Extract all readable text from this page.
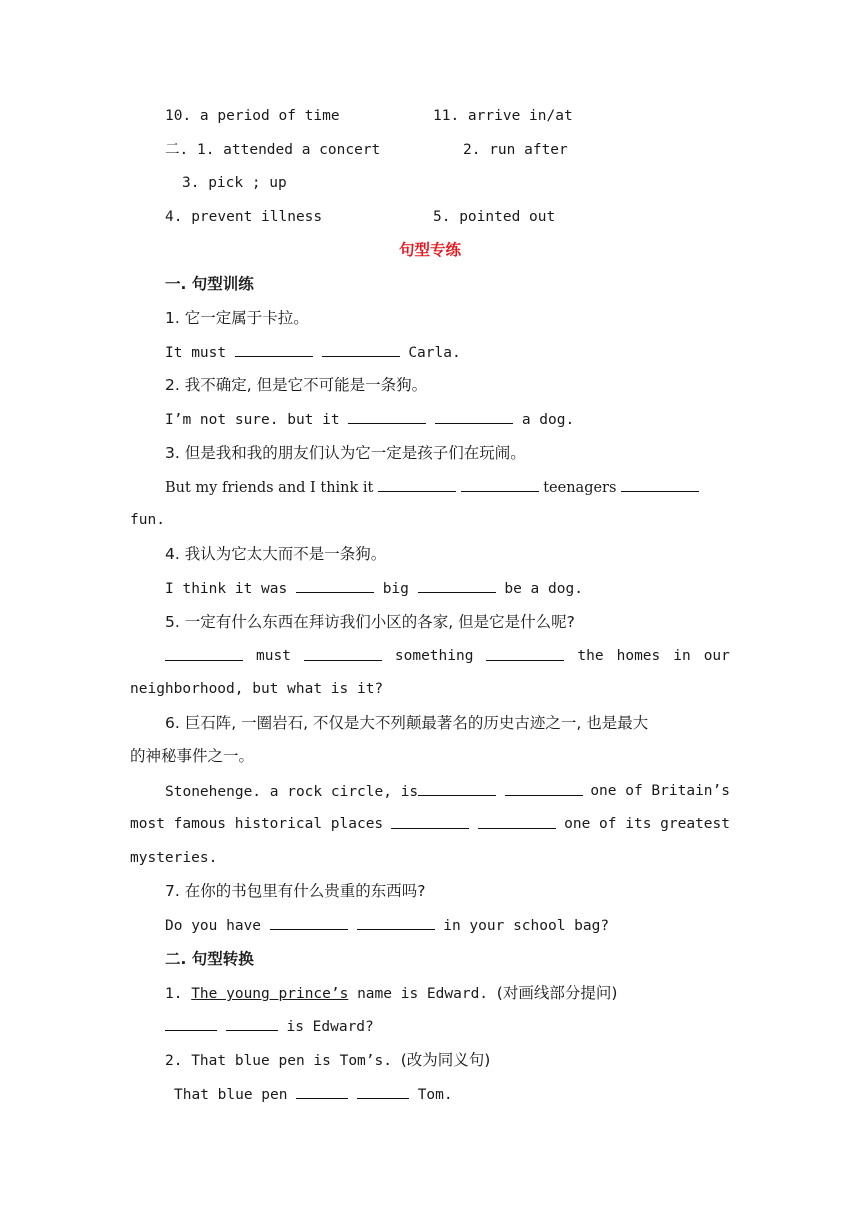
10. a period of time	11. arrive in/at
二. 1. attended a concert	2. run after
3. pick ; up
4. prevent illness	5. pointed out
句型专练
一. 句型训练
1. 它一定属于卡拉。
It must	Carla.
2. 我不确定, 但是它不可能是一条狗。
I’m not sure. but it	a dog.
3. 但是我和我的朋友们认为它一定是孩子们在玩闹。
But my friends and I think it	teenagers
fun.
4. 我认为它太大而不是一条狗。
I think it was	big	be a dog.
5. 一定有什么东西在拜访我们小区的各家, 但是它是什么呢?
must	something	the homes in our
neighborhood, but what is it?
6. 巨石阵, 一圈岩石, 不仅是大不列颠最著名的历史古迹之一, 也是最大
的神秘事件之一。
Stonehenge. a rock circle, is	one of Britain’s
most famous historical places
	one of its greatest
mysteries.
7. 在你的书包里有什么贵重的东西吗?
Do you have	in your school bag?
二. 句型转换
1. The young prince’s name is Edward. (对画线部分提问)
is Edward?
2. That blue pen is Tom’s. (改为同义句)
That blue pen	Tom.
